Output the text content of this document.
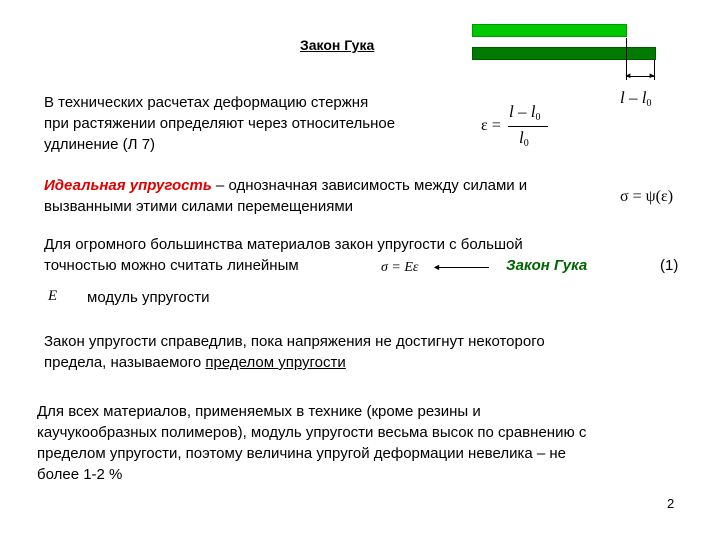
Закон Гука
◄ ►
l – $l_0$
В технических расчетах деформацию стержня
при растяжении определяют через относительное
удлинение (Л 7)
ε =
l – $l_0$
$l_0$
Идеальная упругость – однозначная зависимость между силами и
вызванными этими силами перемещениями
σ = ψ(ε)
Для огромного большинства материалов закон упругости с большой
точностью можно считать линейным	σ = Eε ◄	Закон Гука	(1)
E модуль упругости
Закон упругости справедлив, пока напряжения не достигнут некоторого
предела, называемого пределом упругости
Для всех материалов, применяемых в технике (кроме резины и
каучукообразных полимеров), модуль упругости весьма высок по сравнению с
пределом упругости, поэтому величина упругой деформации невелика – не
более 1-2 %
2
